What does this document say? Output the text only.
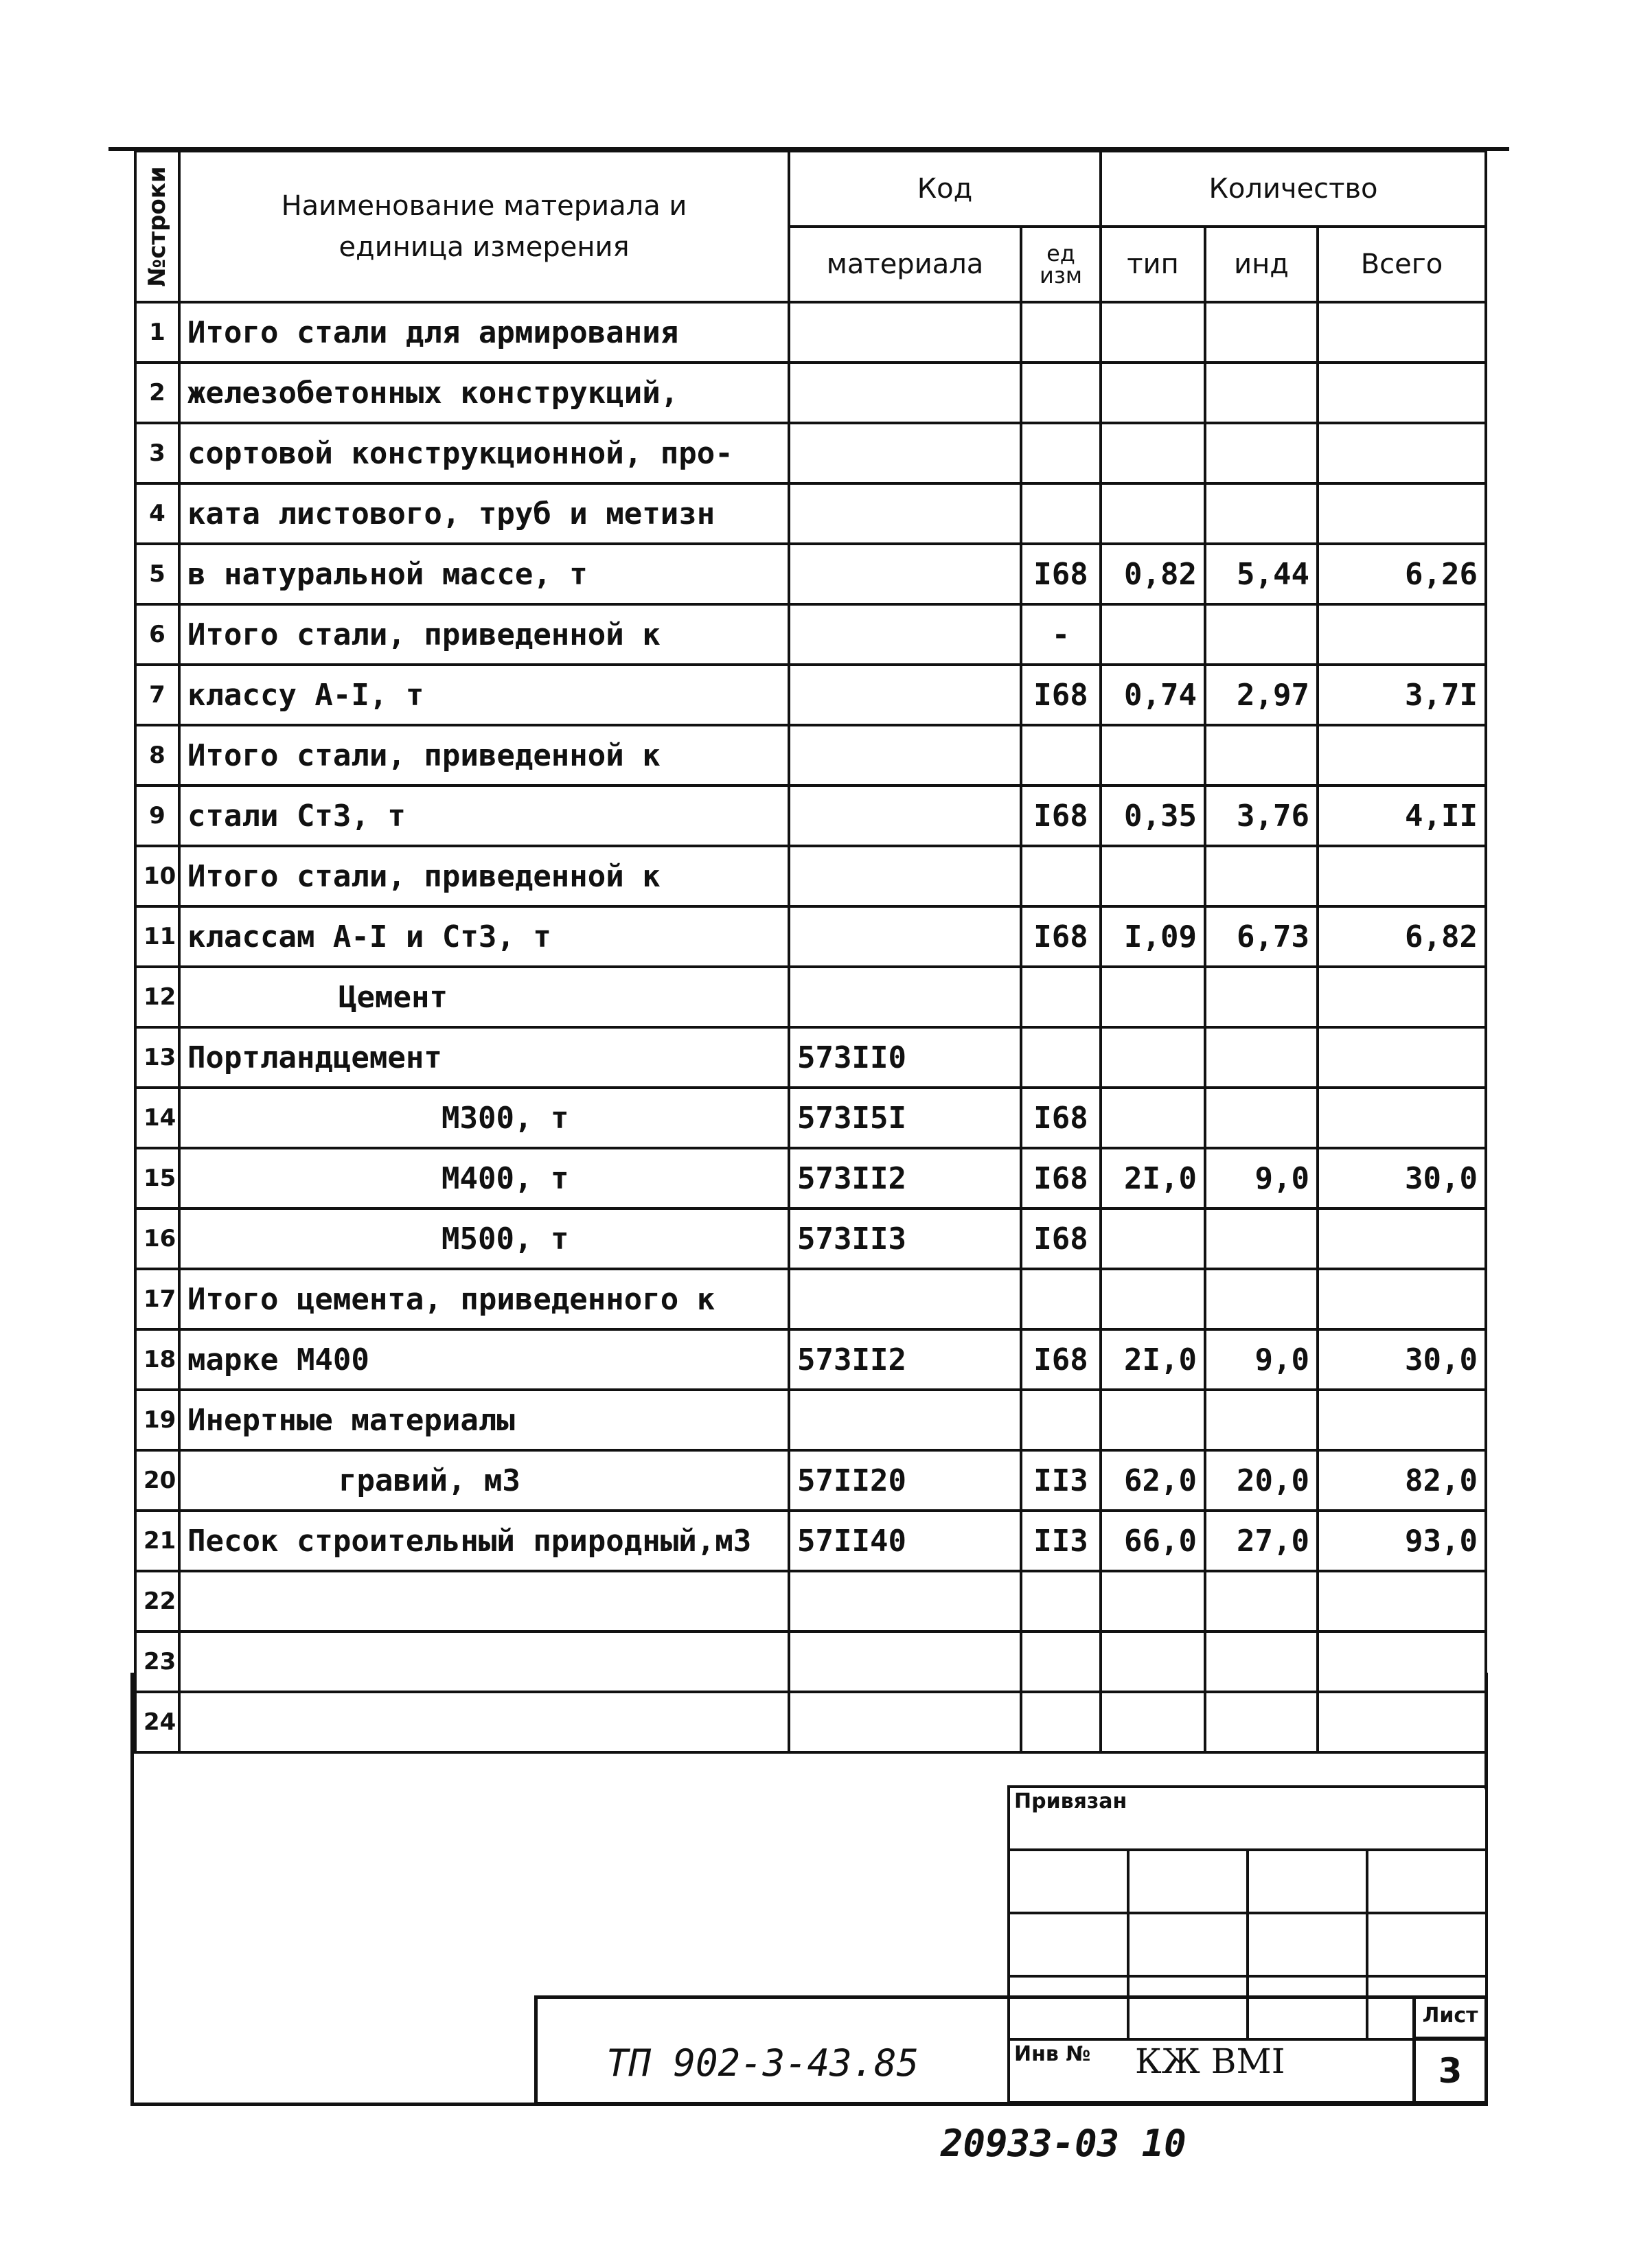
№строки	Наименование материала и единица измерения	Код		Количество		
		материала	ед изм	тип	инд	Всего
1	Итого стали для армирования					
2	железобетонных конструкций,					
3	сортовой конструкционной, про-					
4	ката листового, труб и метизн					
5	в натуральной массе, т		I68	0,82	5,44	6,26
6	Итого стали, приведенной к		-			
7	классу А-I, т		I68	0,74	2,97	3,7I
8	Итого стали, приведенной к					
9	стали Ст3, т		I68	0,35	3,76	4,II
10	Итого стали, приведенной к					
11	классам А-I и Ст3, т		I68	I,09	6,73	6,82
12	Цемент					
13	Портландцемент	573II0				
14	М300, т	573I5I	I68			
15	М400, т	573II2	I68	2I,0	9,0	30,0
16	М500, т	573II3	I68			
17	Итого цемента, приведенного к					
18	марке М400	573II2	I68	2I,0	9,0	30,0
19	Инертные материалы					
20	гравий, м3	57II20	II3	62,0	20,0	82,0
21	Песок строительный природный,м3	57II40	II3	66,0	27,0	93,0
22						
23						
24						
Привязан			

Инв №			
ТП 902-3-43.85	КЖ ВМI
Лист
3
20933-03 10
